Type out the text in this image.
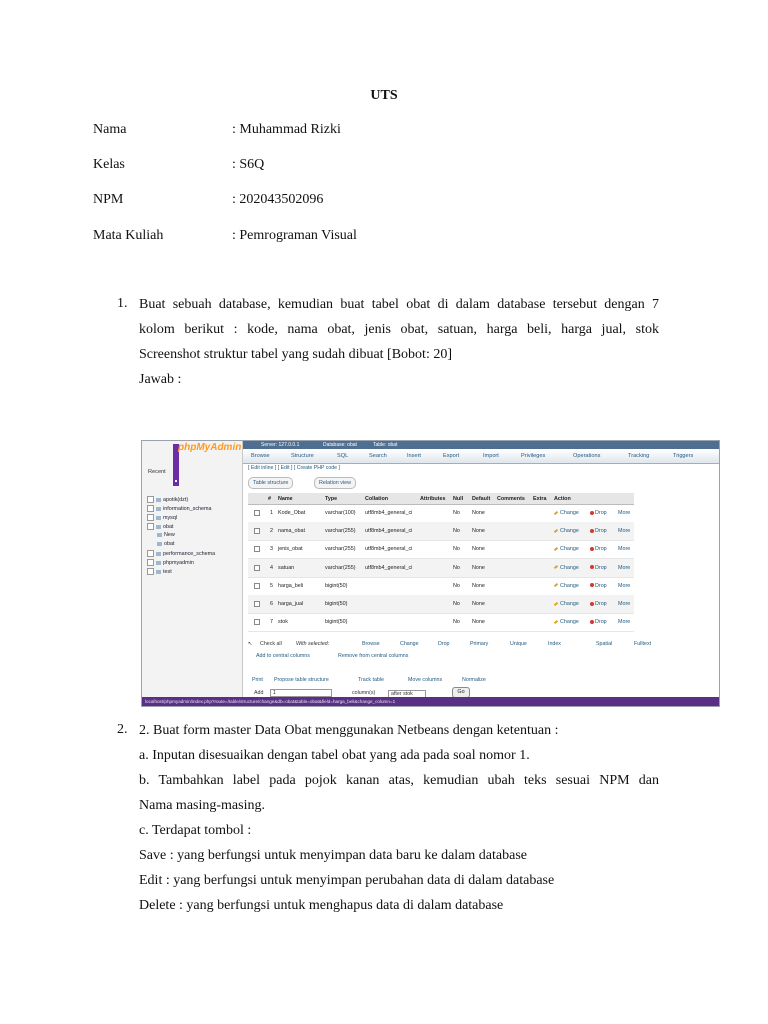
UTS
Nama	: Muhammad Rizki
Kelas	: S6Q
NPM	: 202043502096
Mata Kuliah	: Pemrograman Visual
1. Buat sebuah database, kemudian buat tabel obat di dalam database tersebut dengan 7
kolom berikut : kode, nama obat, jenis obat, satuan, harga beli, harga jual, stok
Screenshot struktur tabel yang sudah dibuat [Bobot: 20]
Jawab :
phpMyAdmin
Recent
apotik(dzt)
information_schema
mysql
obat
New
obat
performance_schema
phpmyadmin
test
Server: 127.0.0.1	Database: obat	Table: obat
Browse	Structure	SQL	Search	Insert	Export	Import	Privileges	Operations	Tracking	Triggers
[ Edit inline ] [ Edit ] [ Create PHP code ]
Table structure	Relation view
# Name	Type	Collation	Attributes Null Default Comments Extra Action
1 Kode_Obat	varchar(100) utf8mb4_general_ci	No None	Change	Drop More
2 nama_obat	varchar(255) utf8mb4_general_ci	No None	Change	Drop More
3 jenis_obat	varchar(255) utf8mb4_general_ci	No None	Change	Drop More
4 satuan	varchar(255) utf8mb4_general_ci	No None	Change	Drop More
5 harga_beli	bigint(50)	No None	Change	Drop More
6 harga_jual	bigint(50)	No None	Change	Drop More
7 stok	bigint(50)	No None	Change	Drop More
↖ Check all	With selected:	Browse	Change	Drop	Primary	Unique	Index	Spatial	Fulltext
Add to central columns	Remove from central columns
Print Propose table structure	Track table	Move columns	Normalize
Add 1	column(s)	after stok	Go
localhost/phpmyadmin/index.php?route=/table/structure/change&db=obat&table=obat&field=harga_beli&change_column=1
2. 2. Buat form master Data Obat menggunakan Netbeans dengan ketentuan :
a. Inputan disesuaikan dengan tabel obat yang ada pada soal nomor 1.
b. Tambahkan label pada pojok kanan atas, kemudian ubah teks sesuai NPM dan
Nama masing-masing.
c. Terdapat tombol :
Save : yang berfungsi untuk menyimpan data baru ke dalam database
Edit : yang berfungsi untuk menyimpan perubahan data di dalam database
Delete : yang berfungsi untuk menghapus data di dalam database
